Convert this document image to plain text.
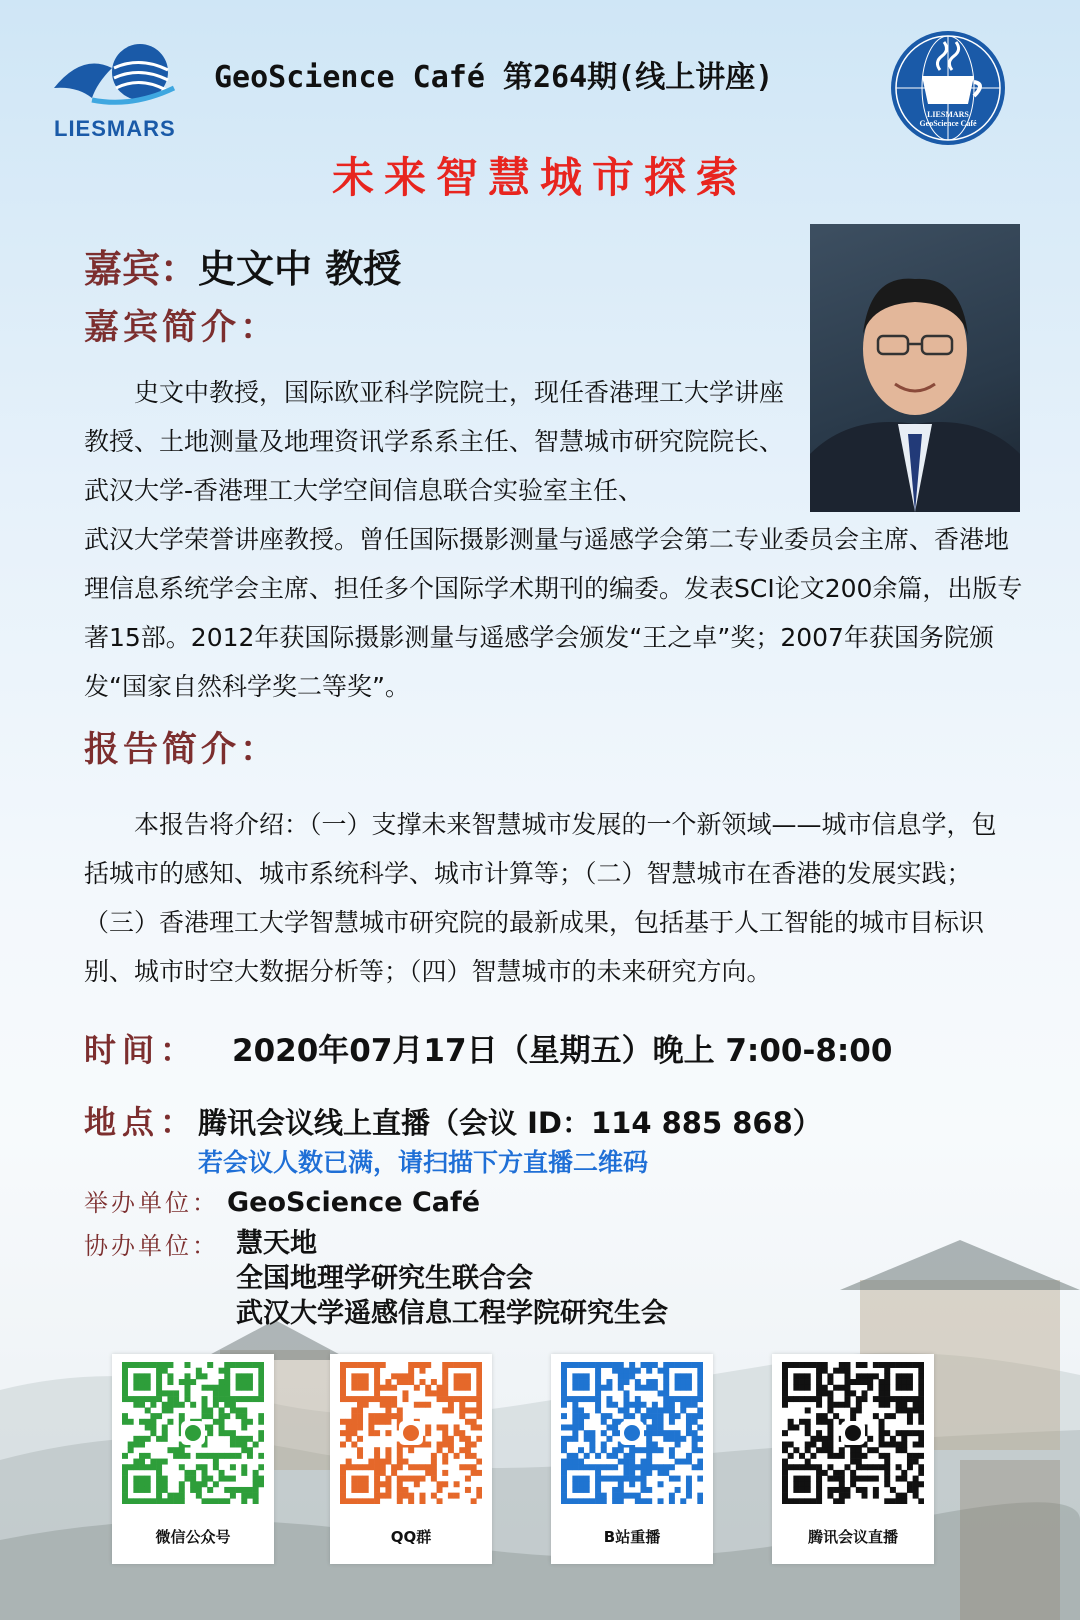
LIESMARS
LIESMARS
GeoScience Café
GeoScience Café 第264期(线上讲座)
未来智慧城市探索
嘉宾：史文中 教授
嘉宾简介：
　　史文中教授，国际欧亚科学院院士，现任香港理工大学讲座教授、土地测量及地理资讯学系系主任、智慧城市研究院院长、武汉大学-香港理工大学空间信息联合实验室主任、
武汉大学荣誉讲座教授。曾任国际摄影测量与遥感学会第二专业委员会主席、香港地理信息系统学会主席、担任多个国际学术期刊的编委。发表SCI论文200余篇，出版专著15部。2012年获国际摄影测量与遥感学会颁发“王之卓”奖；2007年获国务院颁发“国家自然科学奖二等奖”。
报告简介：
　　本报告将介绍：（一）支撑未来智慧城市发展的一个新领域——城市信息学，包括城市的感知、城市系统科学、城市计算等；（二）智慧城市在香港的发展实践；（三）香港理工大学智慧城市研究院的最新成果，包括基于人工智能的城市目标识别、城市时空大数据分析等；（四）智慧城市的未来研究方向。
时间： 2020年07月17日（星期五）晚上 7:00-8:00
地点：腾讯会议线上直播（会议 ID：114 885 868）
若会议人数已满，请扫描下方直播二维码
举办单位： GeoScience Café
协办单位： 慧天地
全国地理学研究生联合会
武汉大学遥感信息工程学院研究生会
微信公众号	QQ群	B站重播	腾讯会议直播
